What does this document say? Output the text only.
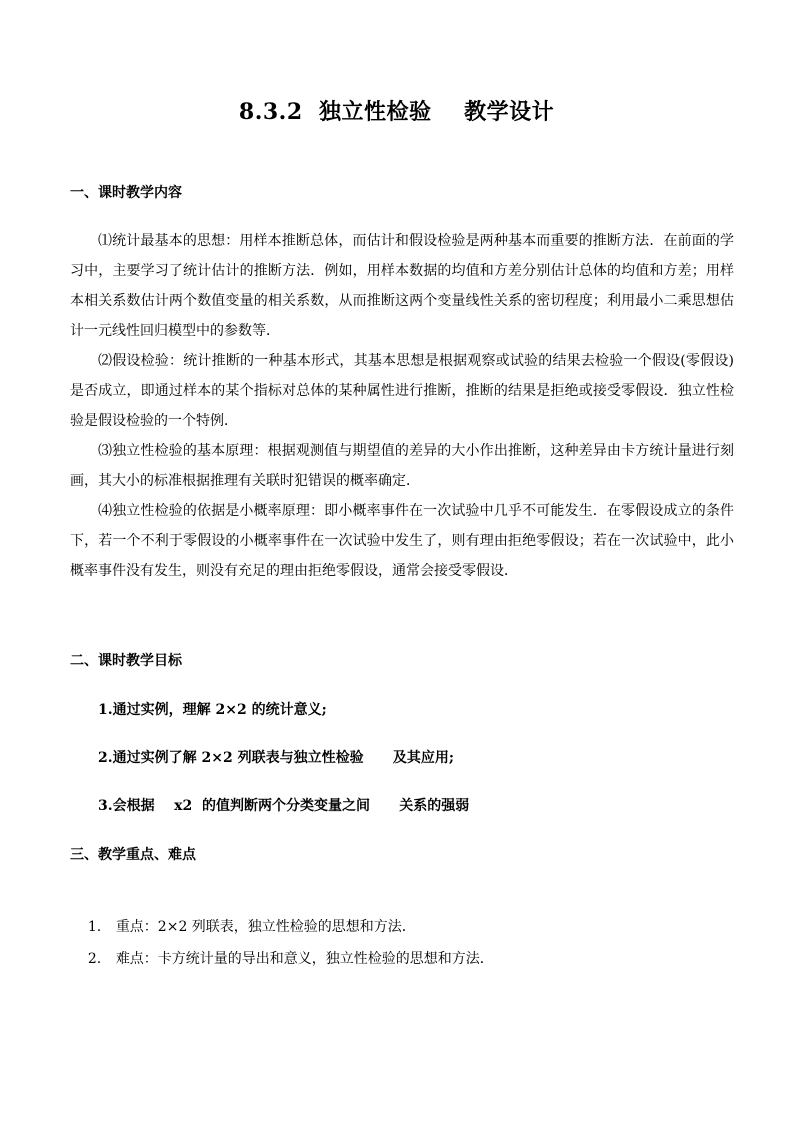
8.3.2  独立性检验    教学设计
一、课时教学内容
⑴统计最基本的思想：用样本推断总体，而估计和假设检验是两种基本而重要的推断方法．在前面的学习中，主要学习了统计估计的推断方法．例如，用样本数据的均值和方差分别估计总体的均值和方差；用样本相关系数估计两个数值变量的相关系数，从而推断这两个变量线性关系的密切程度；利用最小二乘思想估计一元线性回归模型中的参数等．
⑵假设检验：统计推断的一种基本形式，其基本思想是根据观察或试验的结果去检验一个假设(零假设)是否成立，即通过样本的某个指标对总体的某种属性进行推断，推断的结果是拒绝或接受零假设．独立性检验是假设检验的一个特例．
⑶独立性检验的基本原理：根据观测值与期望值的差异的大小作出推断，这种差异由卡方统计量进行刻画，其大小的标准根据推理有关联时犯错误的概率确定．
⑷独立性检验的依据是小概率原理：即小概率事件在一次试验中几乎不可能发生．在零假设成立的条件下，若一个不利于零假设的小概率事件在一次试验中发生了，则有理由拒绝零假设；若在一次试验中，此小概率事件没有发生，则没有充足的理由拒绝零假设，通常会接受零假设．
二、课时教学目标
1.通过实例，理解 2×2 的统计意义;
2.通过实例了解 2×2 列联表与独立性检验      及其应用;
3.会根据    x2  的值判断两个分类变量之间      关系的强弱
三、教学重点、难点

1. 重点：2×2 列联表，独立性检验的思想和方法．

2. 难点：卡方统计量的导出和意义，独立性检验的思想和方法．
